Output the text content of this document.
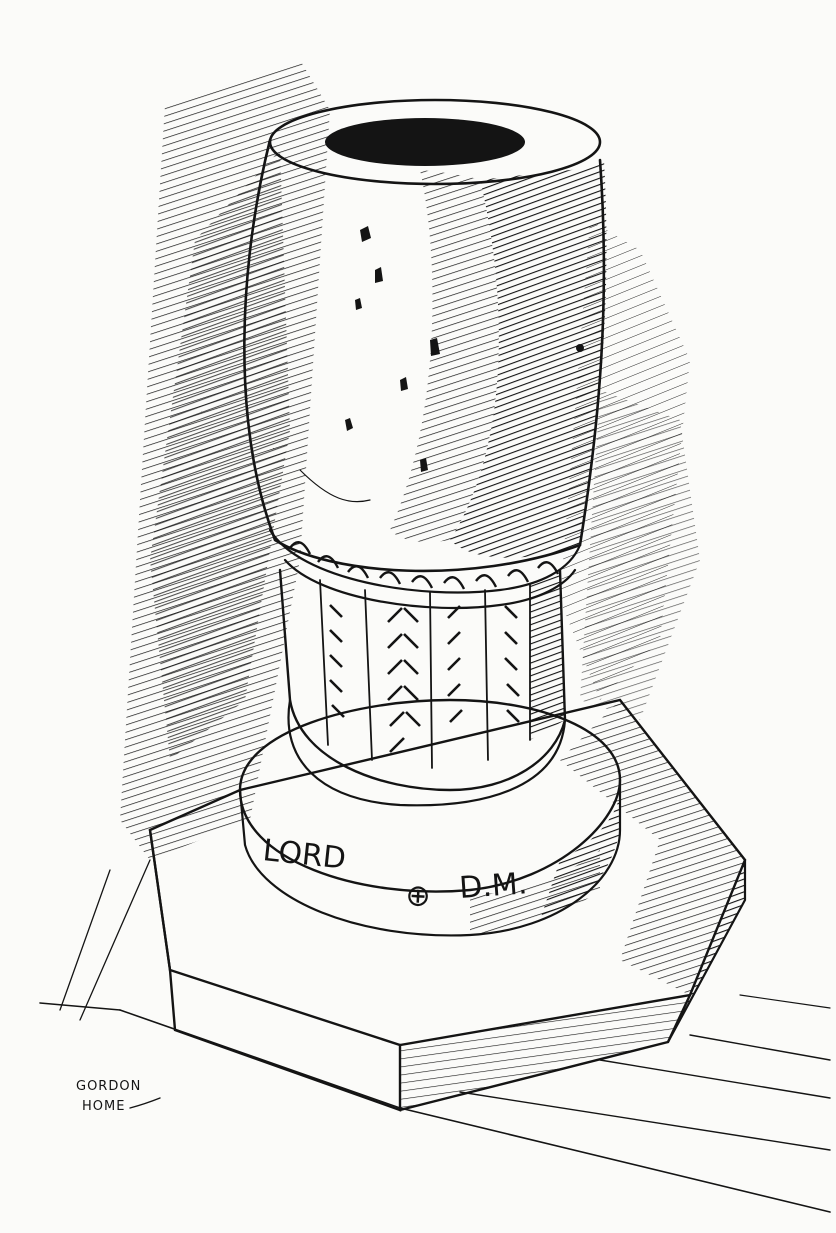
LORD
⊕ D.M.
GORDON
HOME
